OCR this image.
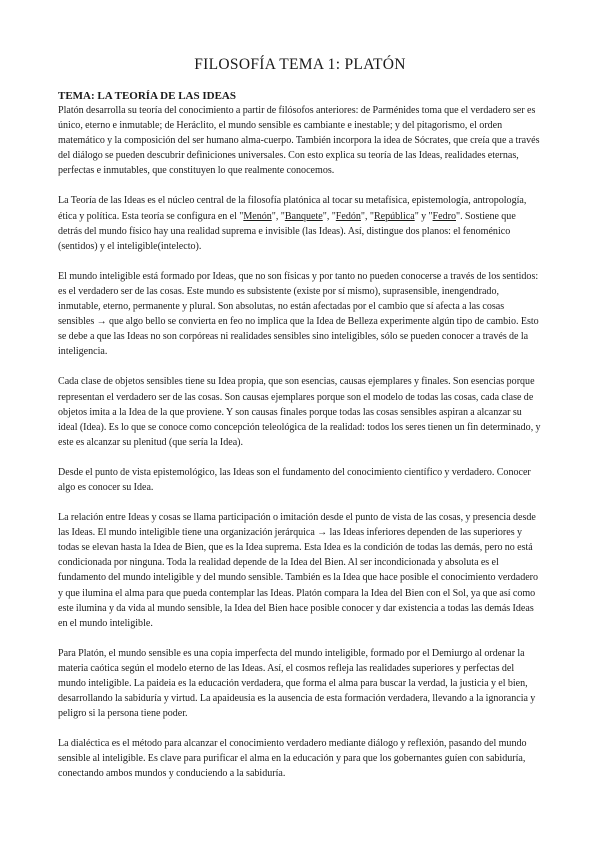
FILOSOFÍA TEMA 1: PLATÓN
TEMA: LA TEORÍA DE LAS IDEAS

Platón desarrolla su teoría del conocimiento a partir de filósofos anteriores: de Parménides toma que el verdadero ser es único, eterno e inmutable; de Heráclito, el mundo sensible es cambiante e inestable; y del pitagorismo, el orden matemático y la composición del ser humano alma-cuerpo. También incorpora la idea de Sócrates, que creía que a través del diálogo se pueden descubrir definiciones universales. Con esto explica su teoría de las Ideas, realidades eternas, perfectas e inmutables, que constituyen lo que realmente conocemos.

La Teoría de las Ideas es el núcleo central de la filosofía platónica al tocar su metafísica, epistemología, antropología, ética y política. Esta teoría se configura en el "Menón", "Banquete", "Fedón", "República" y "Fedro". Sostiene que detrás del mundo físico hay una realidad suprema e invisible (las Ideas). Así, distingue dos planos: el fenoménico (sentidos) y el inteligible(intelecto).

El mundo inteligible está formado por Ideas, que no son físicas y por tanto no pueden conocerse a través de los sentidos: es el verdadero ser de las cosas. Este mundo es subsistente (existe por sí mismo), suprasensible, inengendrado, inmutable, eterno, permanente y plural. Son absolutas, no están afectadas por el cambio que sí afecta a las cosas sensibles → que algo bello se convierta en feo no implica que la Idea de Belleza experimente algún tipo de cambio. Esto se debe a que las Ideas no son corpóreas ni realidades sensibles sino inteligibles, sólo se pueden conocer a través de la inteligencia.

Cada clase de objetos sensibles tiene su Idea propia, que son esencias, causas ejemplares y finales. Son esencias porque representan el verdadero ser de las cosas. Son causas ejemplares porque son el modelo de todas las cosas, cada clase de objetos imita a la Idea de la que proviene. Y son causas finales porque todas las cosas sensibles aspiran a alcanzar su ideal (Idea). Es lo que se conoce como concepción teleológica de la realidad: todos los seres tienen un fin determinado, y este es alcanzar su plenitud (que sería la Idea).

Desde el punto de vista epistemológico, las Ideas son el fundamento del conocimiento científico y verdadero. Conocer algo es conocer su Idea.

La relación entre Ideas y cosas se llama participación o imitación desde el punto de vista de las cosas, y presencia desde las Ideas. El mundo inteligible tiene una organización jerárquica → las Ideas inferiores dependen de las superiores y todas se elevan hasta la Idea de Bien, que es la Idea suprema. Esta Idea es la condición de todas las demás, pero no está condicionada por ninguna. Toda la realidad depende de la Idea del Bien. Al ser incondicionada y absoluta es el fundamento del mundo inteligible y del mundo sensible. También es la Idea que hace posible el conocimiento verdadero y que ilumina el alma para que pueda contemplar las Ideas. Platón compara la Idea del Bien con el Sol, ya que así como este ilumina y da vida al mundo sensible, la Idea del Bien hace posible conocer y dar existencia a todas las demás Ideas en el mundo inteligible.

Para Platón, el mundo sensible es una copia imperfecta del mundo inteligible, formado por el Demiurgo al ordenar la materia caótica según el modelo eterno de las Ideas. Así, el cosmos refleja las realidades superiores y perfectas del mundo inteligible. La paideia es la educación verdadera, que forma el alma para buscar la verdad, la justicia y el bien, desarrollando la sabiduría y virtud. La apaideusia es la ausencia de esta formación verdadera, llevando a la ignorancia y peligro si la persona tiene poder.

La dialéctica es el método para alcanzar el conocimiento verdadero mediante diálogo y reflexión, pasando del mundo sensible al inteligible. Es clave para purificar el alma en la educación y para que los gobernantes guíen con sabiduría, conectando ambos mundos y conduciendo a la sabiduría.
